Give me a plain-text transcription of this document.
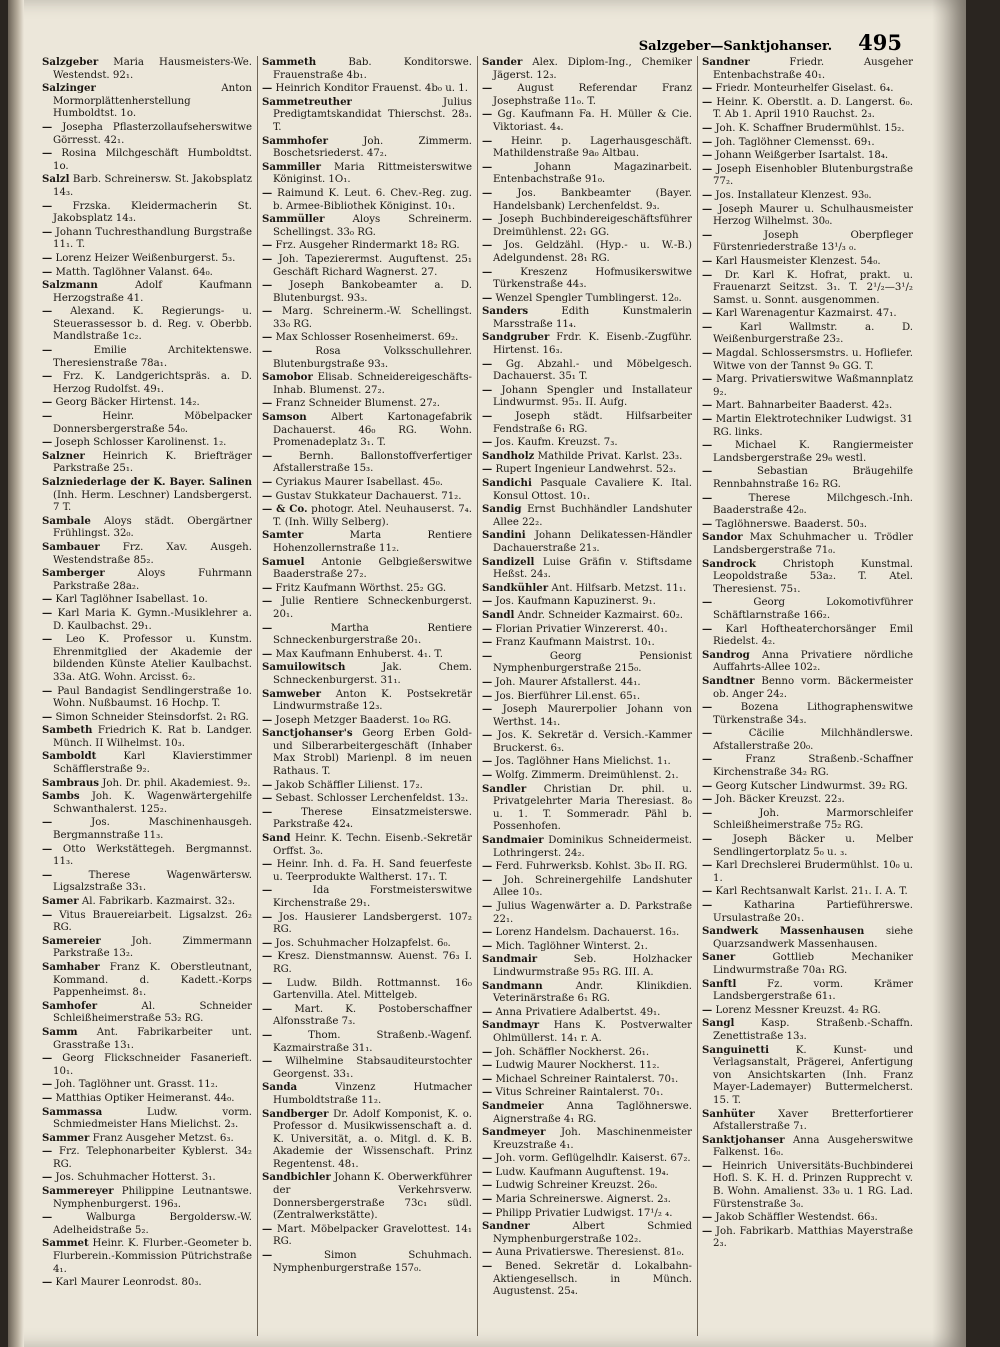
Salzgeber—Sanktjohanser. 495
Salzgeber Maria Hausmeisters-We. Westendst. 92₁.
Salzinger	Anton Mormorplättenherstellung Humboldtst. 1o.
— Josepha Pflasterzollaufseherswitwe Görresst. 42₁.
— Rosina Milchgeschäft Humboldtst. 1o.
Salzl Barb. Schreinersw. St. Jakobsplatz 14₃.
— Frzska. Kleidermacherin St. Jakobsplatz 14₃.
— Johann Tuchresthandlung Burgstraße 11₁. T.
— Lorenz Heizer Weißenburgerst. 5₃.
— Matth. Taglöhner Valanst. 64₀.
Salzmann	Adolf Kaufmann Herzogstraße 41.
— Alexand. K. Regierungs- u. Steuerassessor b. d. Reg. v. Oberbb. Mandlstraße 1c₂.
—	Emilie Architektenswe. Theresienstraße 78a₁.
— Frz. K. Landgerichtspräs. a. D. Herzog Rudolfst. 49₁.
— Georg Bäcker Hirtenst. 14₂.
—	Heinr. Möbelpacker Donnersbergerstraße 54₀.
— Joseph Schlosser Karolinenst. 1₂.
Salzner Heinrich K. Briefträger Parkstraße 25₁.
Salzniederlage der K. Bayer. Salinen (Inh. Herm. Leschner) Landsbergerst. 7 T.
Sambale Aloys städt. Obergärtner Frühlingst. 32₀.
Sambauer Frz. Xav. Ausgeh. Westendstraße 85₂.
Samberger	Aloys Fuhrmann Parkstraße 28a₂.
— Karl Taglöhner Isabellast. 1o.
— Karl Maria K. Gymn.-Musiklehrer a. D. Kaulbachst. 29₁.
— Leo K. Professor u. Kunstm. Ehrenmitglied der Akademie der bildenden Künste Atelier Kaulbachst. 33a. AtG. Wohn. Arcisst. 6₂.
— Paul Bandagist Sendlingerstraße 1o. Wohn. Nußbaumst. 16 Hochp. T.
— Simon Schneider Steinsdorfst. 2₁ RG.
Sambeth Friedrich K. Rat b. Landger. Münch. II Wilhelmst. 10₃.
Samboldt	Karl Klavierstimmer Schäfflerstraße 9₂.
Sambraus Joh. Dr. phil. Akademiest. 9₂.
Sambs Joh. K. Wagenwärtergehilfe Schwanthalerst. 125₂.
—	Jos. Maschinenhausgeh. Bergmannstraße 11₃.
— Otto Werkstättegeh. Bergmannst. 11₃.
—	Therese Wagenwärtersw. Ligsalzstraße 33₁.
Samer Al. Fabrikarb. Kazmairst. 32₃.
— Vitus Brauereiarbeit. Ligsalzst. 26₂ RG.
Samereier	Joh. Zimmermann Parkstraße 13₂.
Samhaber Franz K. Oberstleutnant, Kommand. d. Kadett.-Korps Pappenheimst. 8₁.
Samhofer	Al. Schneider Schleißheimerstraße 53₂ RG.
Samm Ant. Fabrikarbeiter unt. Grasstraße 13₁.
— Georg Flickschneider Fasanerieft. 10₁.
— Joh. Taglöhner unt. Grasst. 11₂.
— Matthias Optiker Heimeranst. 44₀.
Sammassa	Ludw. vorm. Schmiedmeister Hans Mielichst. 2₃.
Sammer Franz Ausgeher Metzst. 6₃.
— Frz. Telephonarbeiter Kyblerst. 34₂ RG.
— Jos. Schuhmacher Hotterst. 3₁.
Sammereyer Philippine Leutnantswe. Nymphenburgerst. 196₃.
—	Walburga Bergoldersw.-W. Adelheidstraße 5₂.
Sammet Heinr. K. Flurber.-Geometer b. Flurberein.-Kommission Pütrichstraße 4₁.
— Karl Maurer Leonrodst. 80₃.
Sammeth	Bab. Konditorswe. Frauenstraße 4b₁.
— Heinrich Konditor Frauenst. 4b₀ u. 1.
Sammetreuther	Julius Predigtamtskandidat Thierschst. 28₃. T.
Sammhofer	Joh. Zimmerm. Boschetsriederst. 47₂.
Sammiller Maria Rittmeisterswitwe Königinst. 1O₁.
— Raimund K. Leut. 6. Chev.-Reg. zug. b. Armee-Bibliothek Königinst. 10₁.
Sammüller	Aloys Schreinerm. Schellingst. 33₀ RG.
— Frz. Ausgeher Rindermarkt 18₂ RG.
— Joh. Tapezierermst. Auguftenst. 25₁ Geschäft Richard Wagnerst. 27.
— Joseph Bankobeamter a. D. Blutenburgst. 93₃.
— Marg. Schreinerm.-W. Schellingst. 33₀ RG.
— Max Schlosser Rosenheimerst. 69₂.
—	Rosa Volksschullehrer. Blutenburgstraße 93₃.
Samobor Elisab. Schneidereigeschäfts-Inhab. Blumenst. 27₂.
— Franz Schneider Blumenst. 27₂.
Samson Albert Kartonagefabrik Dachauerst. 46₀ RG. Wohn. Promenadeplatz 3₁. T.
—	Bernh. Ballonstoffverfertiger Afstallerstraße 15₃.
— Cyriakus Maurer Isabellast. 45₀.
— Gustav Stukkateur Dachauerst. 71₂.
— & Co. photogr. Atel. Neuhauserst. 7₄. T. (Inh. Willy Selberg).
Samter	Marta Rentiere Hohenzollernstraße 11₂.
Samuel Antonie Gelbgießerswitwe Baaderstraße 27₂.
— Fritz Kaufmann Wörthst. 25₂ GG.
— Julie Rentiere Schneckenburgerst. 20₁.
—	Martha Rentiere Schneckenburgerstraße 20₁.
— Max Kaufmann Enhuberst. 4₁. T.
Samuilowitsch	Jak. Chem. Schneckenburgerst. 31₁.
Samweber Anton K. Postsekretär Lindwurmstraße 12₃.
— Joseph Metzger Baaderst. 1o₀ RG.
Sanctjohanser's Georg Erben Gold- und Silberarbeitergeschäft (Inhaber Max Strobl) Marienpl. 8 im neuen Rathaus. T.
— Jakob Schäffler Lilienst. 17₂.
— Sebast. Schlosser Lerchenfeldst. 13₂.
—	Therese Einsatzmeisterswe. Parkstraße 42₄.
Sand Heinr. K. Techn. Eisenb.-Sekretär Orffst. 3₀.
— Heinr. Inh. d. Fa. H. Sand feuerfeste u. Teerprodukte Waltherst. 17₁. T.
—	Ida Forstmeisterswitwe Kirchenstraße 29₁.
— Jos. Hausierer Landsbergerst. 107₂ RG.
— Jos. Schuhmacher Holzapfelst. 6₀.
— Kresz. Dienstmannsw. Auenst. 76₃ I. RG.
— Ludw. Bildh. Rottmannst. 16₀ Gartenvilla. Atel. Mittelgeb.
— Mart. K. Postoberschaffner Alfonsstraße 7₃.
—	Thom. Straßenb.-Wagenf. Kazmairstraße 31₁.
— Wilhelmine Stabsauditeurstochter Georgenst. 33₁.
Sanda	Vinzenz Hutmacher Humboldtstraße 11₂.
Sandberger Dr. Adolf Komponist, K. o. Professor d. Musikwissenschaft a. d. K. Universität, a. o. Mitgl. d. K. B. Akademie der Wissenschaft. Prinz Regentenst. 48₁.
Sandbichler Johann K. Oberwerkführer der Verkehrsverw. Donnersbergerstraße 73c₁ südl. (Zentralwerkstätte).
— Mart. Möbelpacker Gravelottest. 14₁ RG.
—	Simon Schuhmach. Nymphenburgerstraße 157₀.
Sander Alex. Diplom-Ing., Chemiker Jägerst. 12₃.
— August Referendar Franz Josephstraße 11₀. T.
— Gg. Kaufmann Fa. H. Müller & Cie. Viktoriast. 4₄.
— Heinr. p. Lagerhausgeschäft. Mathildenstraße 9a₀ Altbau.
—	Johann Magazinarbeit. Entenbachstraße 91₀.
— Jos. Bankbeamter (Bayer. Handelsbank) Lerchenfeldst. 9₃.
— Joseph Buchbindereigeschäftsführer Dreimühlenst. 22₁ GG.
— Jos. Geldzähl. (Hyp.- u. W.-B.) Adelgundenst. 28₁ RG.
—	Kreszenz Hofmusikerswitwe Türkenstraße 44₃.
— Wenzel Spengler Tumblingerst. 12₀.
Sanders	Edith Kunstmalerin Marsstraße 11₄.
Sandgruber Frdr. K. Eisenb.-Zugführ. Hirtenst. 16₃.
— Gg. Abzahl.- und Möbelgesch. Dachauerst. 35₁ T.
— Johann Spengler und Installateur Lindwurmst. 95₃. II. Aufg.
— Joseph städt. Hilfsarbeiter Fendstraße 6₁ RG.
— Jos. Kaufm. Kreuzst. 7₃.
Sandholz Mathilde Privat. Karlst. 23₃.
— Rupert Ingenieur Landwehrst. 52₃.
Sandichi Pasquale Cavaliere K. Ital. Konsul Ottost. 10₁.
Sandig Ernst Buchhändler Landshuter Allee 22₂.
Sandini Johann Delikatessen-Händler Dachauerstraße 21₃.
Sandizell Luise Gräfin v. Stiftsdame Heßst. 24₃.
Sandkühler Ant. Hilfsarb. Metzst. 11₁.
— Jos. Kaufmann Kapuzinerst. 9₁.
Sandl Andr. Schneider Kazmairst. 60₂.
— Florian Privatier Winzererst. 40₁.
— Franz Kaufmann Maistrst. 10₁.
—	Georg Pensionist Nymphenburgerstraße 215₀.
— Joh. Maurer Afstallerst. 44₁.
— Jos. Bierführer Lil.enst. 65₁.
— Joseph Maurerpolier Johann von Werthst. 14₁.
— Jos. K. Sekretär d. Versich.-Kammer Bruckerst. 6₃.
— Jos. Taglöhner Hans Mielichst. 1₁.
— Wolfg. Zimmerm. Dreimühlenst. 2₁.
Sandler Christian Dr. phil. u. Privatgelehrter Maria Theresiast. 8₀ u. 1. T. Sommeradr. Pähl b. Possenhofen.
Sandmaier Dominikus Schneidermeist. Lothringerst. 24₂.
— Ferd. Fuhrwerksb. Kohlst. 3b₀ II. RG.
— Joh. Schreinergehilfe Landshuter Allee 10₃.
— Julius Wagenwärter a. D. Parkstraße 22₁.
— Lorenz Handelsm. Dachauerst. 16₃.
— Mich. Taglöhner Winterst. 2₁.
Sandmair	Seb. Holzhacker Lindwurmstraße 95₃ RG. III. A.
Sandmann	Andr. Klinikdien. Veterinärstraße 6₁ RG.
— Anna Privatiere Adalbertst. 49₁.
Sandmayr Hans K. Postverwalter Ohlmüllerst. 14₁ r. A.
— Joh. Schäffler Nockherst. 26₁.
— Ludwig Maurer Nockherst. 11₂.
— Michael Schreiner Raintalerst. 70₁.
— Vitus Schreiner Raintalerst. 70₁.
Sandmeier Anna Taglöhnerswe. Aignerstraße 4₁ RG.
Sandmeyer Joh. Maschinenmeister Kreuzstraße 4₁.
— Joh. vorm. Geflügelhdlr. Kaiserst. 67₂.
— Ludw. Kaufmann Auguftenst. 19₄.
— Ludwig Schreiner Kreuzst. 26₀.
— Maria Schreinerswe. Aignerst. 2₃.
— Philipp Privatier Ludwigst. 17¹/₂ ₄.
Sandner	Albert Schmied Nymphenburgerstraße 102₂.
— Auna Privatierswe. Theresienst. 81₀.
— Bened. Sekretär d. Lokalbahn-Aktiengesellsch. in Münch. Augustenst. 25₄.
Sandner	Friedr. Ausgeher Entenbachstraße 40₁.
— Friedr. Monteurhelfer Giselast. 6₄.
— Heinr. K. Oberstlt. a. D. Langerst. 6₀. T. Ab 1. April 1910 Rauchst. 2₃.
— Joh. K. Schaffner Brudermühlst. 15₂.
— Joh. Taglöhner Clemensst. 69₁.
— Johann Weißgerber Isartalst. 18₄.
— Joseph Eisenhobler Blutenburgstraße 77₂.
— Jos. Installateur Klenzest. 93₀.
— Joseph Maurer u. Schulhausmeister Herzog Wilhelmst. 30₀.
—	Joseph Oberpfleger Fürstenriederstraße 13¹/₃ ₀.
— Karl Hausmeister Klenzest. 54₀.
— Dr. Karl K. Hofrat, prakt. u. Frauenarzt Seitzst. 3₁. T. 2¹/₂—3¹/₂ Samst. u. Sonnt. ausgenommen.
— Karl Warenagentur Kazmairst. 47₁.
—	Karl Wallmstr. a. D. Weißenburgerstraße 23₂.
— Magdal. Schlossersmstrs. u. Hofliefer. Witwe von der Tannst 9₀ GG. T.
— Marg. Privatierswitwe Waßmannplatz 9₂.
— Mart. Bahnarbeiter Baaderst. 42₃.
— Martin Elektrotechniker Ludwigst. 31 RG. links.
— Michael K. Rangiermeister Landsbergerstraße 29₆ westl.
—	Sebastian Bräugehilfe Rennbahnstraße 16₂ RG.
—	Therese Milchgesch.-Inh. Baaderstraße 42₀.
— Taglöhnerswe. Baaderst. 50₃.
Sandor Max Schuhmacher u. Trödler Landsbergerstraße 71₀.
Sandrock	Christoph Kunstmal. Leopoldstraße 53a₂. T. Atel. Theresienst. 75₁.
—	Georg Lokomotivführer Schäftlarnstraße 166₂.
— Karl Hoftheaterchorsänger Emil Riedelst. 4₂.
Sandrog Anna Privatiere nördliche Auffahrts-Allee 102₂.
Sandtner Benno vorm. Bäckermeister ob. Anger 24₂.
—	Bozena Lithographenswitwe Türkenstraße 34₃.
—	Cäcilie Milchhändlerswe. Afstallerstraße 20₀.
—	Franz Straßenb.-Schaffner Kirchenstraße 34₂ RG.
— Georg Kutscher Lindwurmst. 39₂ RG.
— Joh. Bäcker Kreuzst. 22₃.
—	Joh. Marmorschleifer Schleißheimerstraße 75₂ RG.
— Joseph Bäcker u. Melber Sendlingertorplatz 5₀ u. ₃.
— Karl Drechslerei Brudermühlst. 10₀ u. 1.
— Karl Rechtsanwalt Karlst. 21₁. I. A. T.
—	Katharina Partieführerswe. Ursulastraße 20₁.
Sandwerk Massenhausen siehe Quarzsandwerk Massenhausen.
Saner	Gottlieb Mechaniker Lindwurmstraße 70a₁ RG.
Sanftl	Fz. vorm. Krämer Landsbergerstraße 61₁.
— Lorenz Messner Kreuzst. 4₂ RG.
Sangl	Kasp. Straßenb.-Schaffn. Zenettistraße 13₃.
Sanguinetti	K. Kunst- und Verlagsanstalt, Prägerei, Anfertigung von Ansichtskarten (Inh. Franz Mayer-Lademayer) Buttermelcherst. 15. T.
Sanhüter Xaver Bretterfortierer Afstallerstraße 7₁.
Sanktjohanser Anna Ausgeherswitwe Falkenst. 16₀.
— Heinrich Universitäts-Buchbinderei Hofl. S. K. H. d. Prinzen Rupprecht v. B. Wohn. Amalienst. 33₀ u. 1 RG. Lad. Fürstenstraße 3₀.
— Jakob Schäffler Westendst. 66₃.
— Joh. Fabrikarb. Matthias Mayerstraße 2₃.
